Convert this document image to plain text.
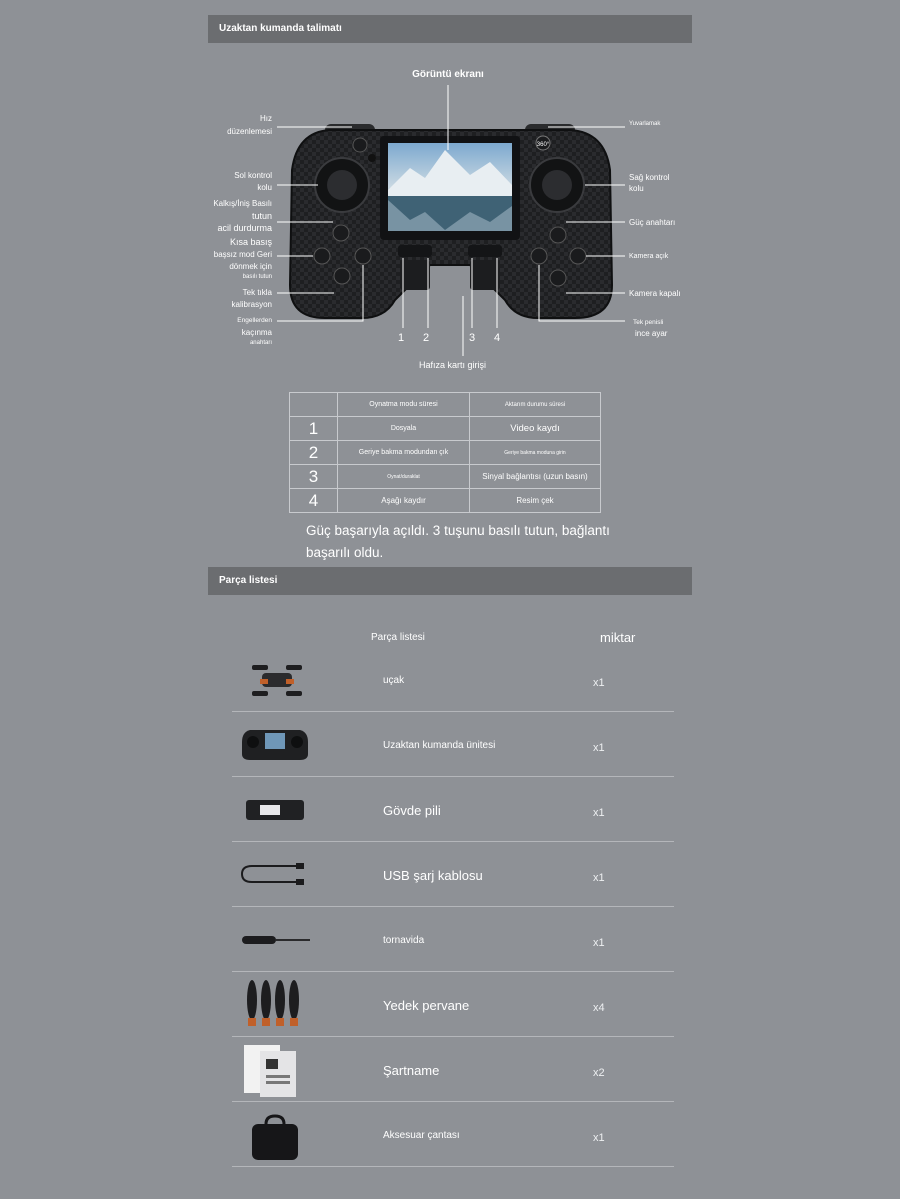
Uzaktan kumanda talimatı
360°
Görüntü ekranı
Hız
düzenlemesi
Sol kontrol
kolu
Kalkış/İniş Basılı
tutun
acil durdurma
Kısa basış
başsız mod Geri
dönmek için
basılı tutun
Tek tıkla
kalibrasyon
Engellerden
kaçınma
anahtarı
Yuvarlamak
Sağ kontrol
kolu
Güç anahtarı
Kamera açık
Kamera kapalı
Tek penisli
ince ayar
1 2	3 4
Hafıza kartı girişi
	Oynatma modu süresi	Aktarım durumu süresi
1	Dosyala	Video kaydı
2	Geriye bakma modundan çık	Geriye bakma moduna girin
3	Oynat/duraklat	Sinyal bağlantısı (uzun basın)
4	Aşağı kaydır	Resim çek
Güç başarıyla açıldı. 3 tuşunu basılı tutun, bağlantı başarılı oldu.
Parça listesi
Parça listesi	miktar
uçak	x1
Uzaktan kumanda ünitesi	x1
Gövde pili	x1
USB şarj kablosu	x1
tornavida	x1
Yedek pervane	x4
Şartname	x2
Aksesuar çantası	x1
